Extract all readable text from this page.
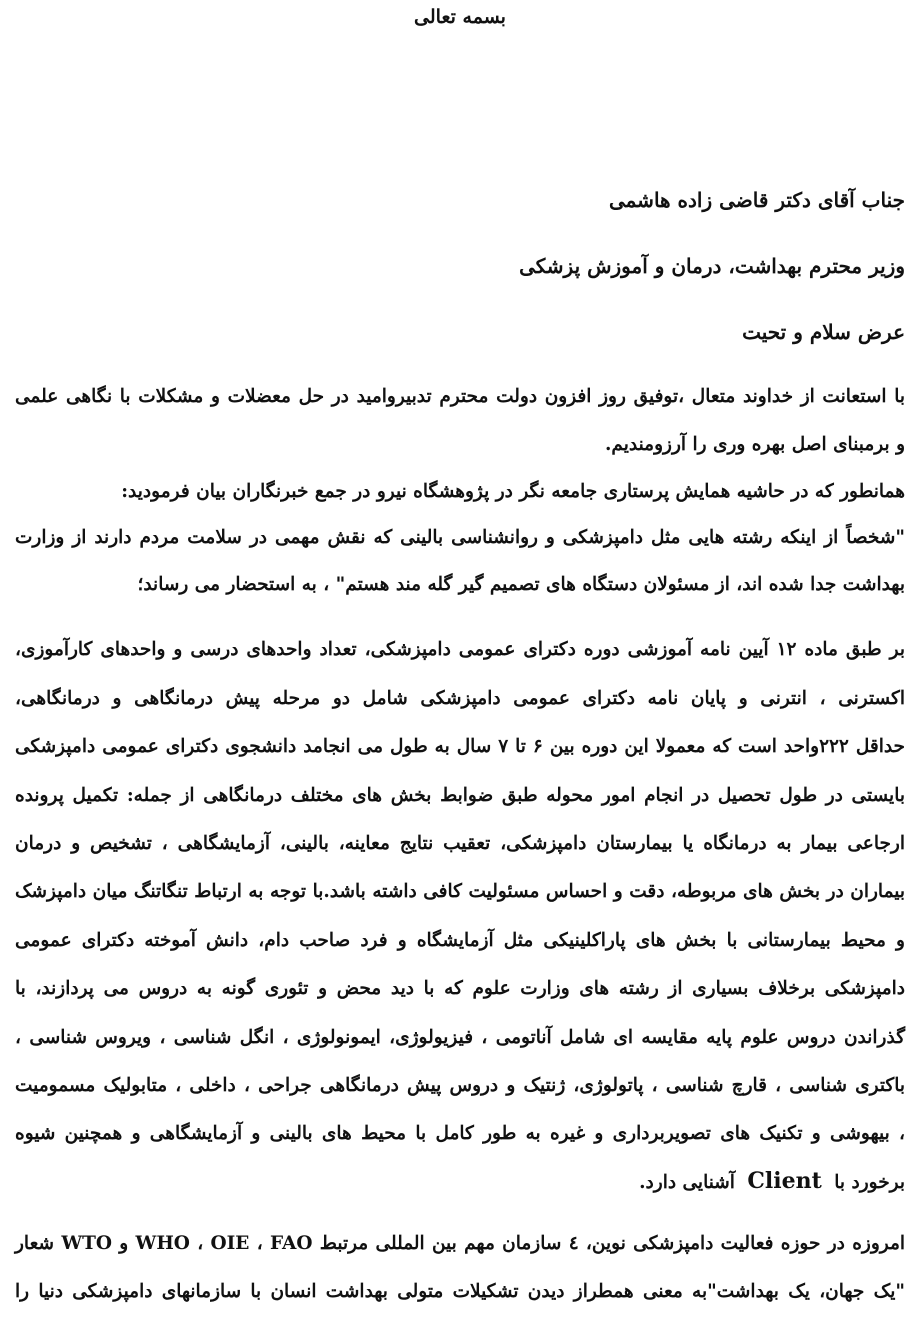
بسمه تعالی
جناب آقای دکتر قاضی زاده هاشمی
وزیر محترم بهداشت، درمان و آموزش پزشکی
عرض سلام و تحیت
با استعانت از خداوند متعال ،توفیق روز افزون دولت محترم تدبیروامید در حل معضلات و مشکلات با نگاهی علمی
و برمبنای اصل بهره وری را آرزومندیم.
همانطور که در حاشیه همایش پرستاری جامعه نگر در پژوهشگاه نیرو در جمع خبرنگاران بیان فرمودید:
"شخصاً از اینکه رشته هایی مثل دامپزشکی و روانشناسی بالینی که نقش مهمی در سلامت مردم دارند از وزارت
بهداشت جدا شده اند، از مسئولان دستگاه های تصمیم گیر گله مند هستم" ، به استحضار می رساند؛
بر طبق ماده ۱۲ آیین نامه آموزشی دوره دکترای عمومی دامپزشکی، تعداد واحدهای درسی و واحدهای کارآموزی،
اکسترنی ، انترنی و پایان نامه دکترای عمومی دامپزشکی شامل دو مرحله پیش درمانگاهی و درمانگاهی،
حداقل ۲۲۲واحد است که معمولا این دوره بین ۶ تا ۷ سال به طول می انجامد دانشجوی دکترای عمومی دامپزشکی
بایستی در طول تحصیل در انجام امور محوله طبق ضوابط بخش های مختلف درمانگاهی از جمله: تکمیل پرونده
ارجاعی بیمار به درمانگاه یا بیمارستان دامپزشکی، تعقیب نتایج معاینه، بالینی، آزمایشگاهی ، تشخیص و درمان
بیماران در بخش های مربوطه، دقت و احساس مسئولیت کافی داشته باشد.با توجه به ارتباط تنگاتنگ میان دامپزشک
و محیط بیمارستانی با بخش های پاراکلینیکی مثل آزمایشگاه و فرد صاحب دام، دانش آموخته دکترای عمومی
دامپزشکی برخلاف بسیاری از رشته های وزارت علوم که با دید محض و تئوری گونه به دروس می پردازند، با
گذراندن دروس علوم پایه مقایسه ای شامل آناتومی ، فیزیولوژی، ایمونولوژی ، انگل شناسی ، ویروس شناسی ،
باکتری شناسی ، قارچ شناسی ، پاتولوژی، ژنتیک و دروس پیش درمانگاهی جراحی ، داخلی ، متابولیک مسمومیت
، بیهوشی و تکنیک های تصویربرداری و غیره به طور کامل با محیط های بالینی و آزمایشگاهی و همچنین شیوه
برخورد با Client آشنایی دارد.
امروزه در حوزه فعالیت دامپزشکی نوین، ٤ سازمان مهم بین المللی مرتبط WHO ، OIE ، FAO و WTO شعار
"یک جهان، یک بهداشت"به معنی همطراز دیدن تشکیلات متولی بهداشت انسان با سازمانهای دامپزشکی دنیا را
